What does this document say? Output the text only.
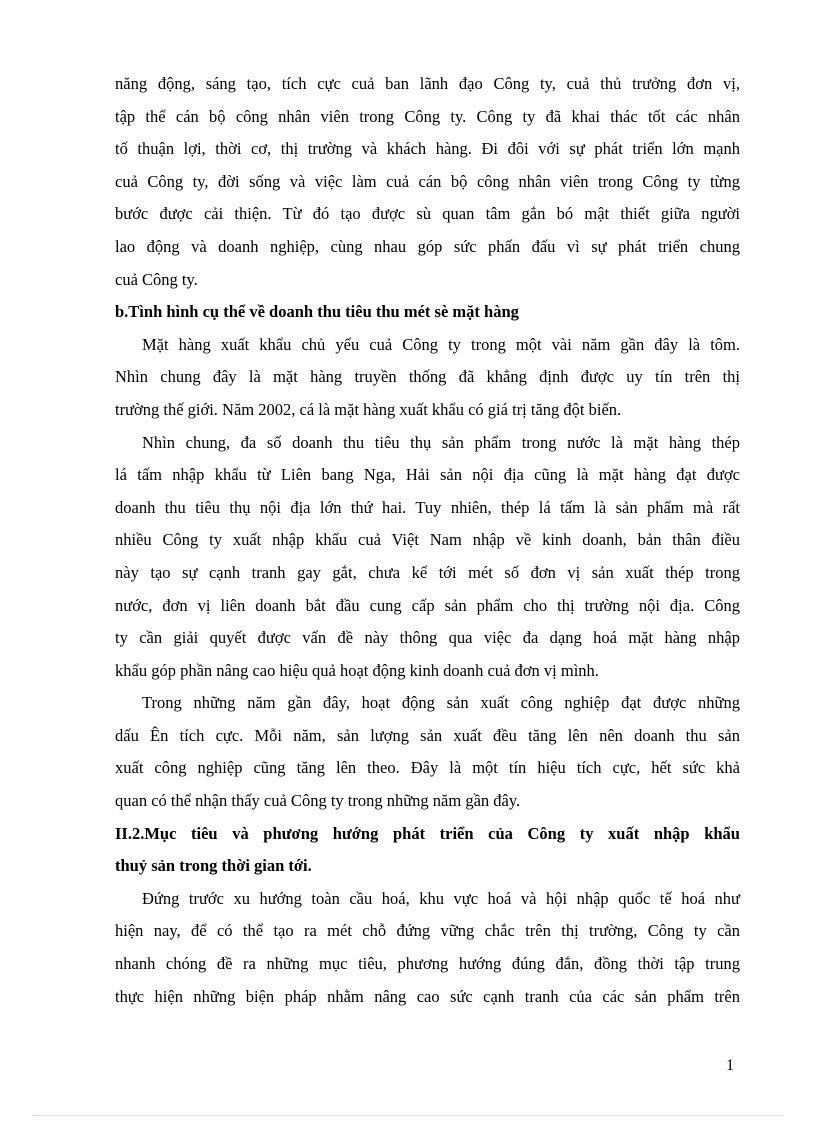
năng động, sáng tạo, tích cực cuả ban lãnh đạo Công ty, cuả thủ trưởng đơn vị,
tập thể cán bộ công nhân viên trong Công ty. Công ty đã khai thác tốt các nhân
tố thuận lợi, thời cơ, thị trường và khách hàng. Đi đôi với sự phát triển lớn mạnh
cuả Công ty, đời sống và việc làm cuả cán bộ công nhân viên trong Công ty từng
bước được cải thiện. Từ đó tạo được sù quan tâm gắn bó mật thiết giữa người
lao động và doanh nghiệp, cùng nhau góp sức phấn đấu vì sự phát triển chung
cuả Công ty.
b.Tình hình cụ thể về doanh thu tiêu thu mét sè mặt hàng
Mặt hàng xuất khẩu chủ yếu cuả Công ty trong một vài năm gần đây là tôm.
Nhìn chung đây là mặt hàng truyền thống đã khẳng định được uy tín trên thị
trường thế giới. Năm 2002, cá là mặt hàng xuất khẩu có giá trị tăng đột biến.
Nhìn chung, đa số doanh thu tiêu thụ sản phẩm trong nước là mặt hàng thép
lá tấm nhập khẩu từ Liên bang Nga, Hải sản nội địa cũng là mặt hàng đạt được
doanh thu tiêu thụ nội địa lớn thứ hai. Tuy nhiên, thép lá tấm là sản phẩm mà rất
nhiều Công ty xuất nhập khẩu cuả Việt Nam nhập về kinh doanh, bản thân điều
này tạo sự cạnh tranh gay gắt, chưa kể tới mét số đơn vị sản xuất thép trong
nước, đơn vị liên doanh bắt đầu cung cấp sản phẩm cho thị trường nội địa. Công
ty cần giải quyết được vấn đề này thông qua việc đa dạng hoá mặt hàng nhập
khẩu góp phần nâng cao hiệu quả hoạt động kinh doanh cuả đơn vị mình.
Trong những năm gần đây, hoạt động sản xuất công nghiệp đạt được những
dấu Ên tích cực. Mỗi năm, sản lượng sản xuất đều tăng lên nên doanh thu sản
xuất công nghiệp cũng tăng lên theo. Đây là một tín hiệu tích cực, hết sức khả
quan có thể nhận thấy cuả Công ty trong những năm gần đây.
II.2.Mục tiêu và phương hướng phát triển của Công ty xuất nhập khẩu
thuỷ sản trong thời gian tới.
Đứng trước xu hướng toàn cầu hoá, khu vực hoá và hội nhập quốc tế hoá như
hiện nay, để có thể tạo ra mét chỗ đứng vững chắc trên thị trường, Công ty cần
nhanh chóng đề ra những mục tiêu, phương hướng đúng đắn, đồng thời tập trung
thực hiện những biện pháp nhằm nâng cao sức cạnh tranh của các sản phẩm trên
1
